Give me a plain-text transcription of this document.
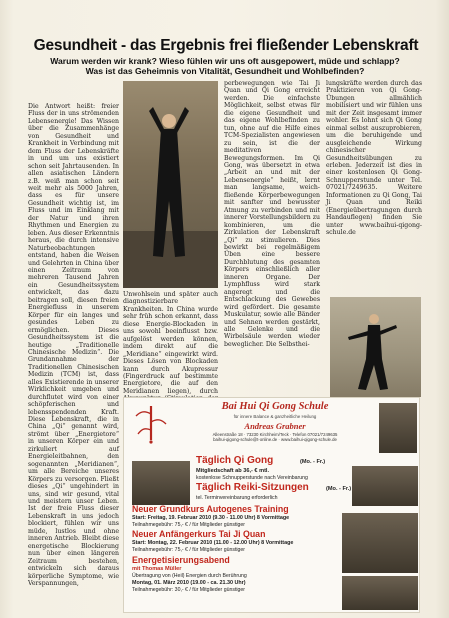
Gesundheit - das Ergebnis frei fließender Lebenskraft
Warum werden wir krank? Wieso fühlen wir uns oft ausgepowert, müde und schlapp?
Was ist das Geheimnis von Vitalität, Gesundheit und Wohlbefinden?
Die Antwort heißt: freier Fluss der in uns strömenden Lebensenergie! Das Wissen über die Zusammenhänge von Gesundheit und Krankheit in Verbindung mit dem Fluss der Lebenskräfte in und um uns existiert schon seit Jahrtausenden. In allen asiatischen Ländern z.B. weiß man schon seit weit mehr als 5000 Jahren, dass es für unsere Gesundheit wichtig ist, im Fluss und im Einklang mit der Natur und ihren Rhythmen und Energien zu leben. Aus dieser Erkenntnis heraus, die durch intensive Naturbeobachtungen entstand, haben die Weisen und Gelehrten in China über einen Zeitraum von mehreren Tausend Jahren ein Gesundheitssystem entwickelt, das dazu beitragen soll, diesen freien Energiefluss in unserem Körper für ein langes und gesundes Leben zu ermöglichen. Dieses Gesundheitssystem ist die heutige „Traditionelle Chinesische Medizin“. Die Grundannahme der Traditionellen Chinesischen Medizin (TCM) ist, dass alles Existierende in unserer Wirklichkeit umgeben und durchflutet wird von einer schöpferischen und lebensspendenden Kraft. Diese Lebenskraft, die in China „Qi“ genannt wird, strömt über „Energietore“ in unseren Körper ein und zirkuliert auf Energieleitbahnen, den sogenannten „Meridianen“, um alle Bereiche unseres Körpers zu versorgen. Fließt dieses „Qi“ ungehindert in uns, sind wir gesund, vital und meistern unser Leben. Ist der freie Fluss dieser Lebenskraft in uns jedoch blockiert, fühlen wir uns müde, lustlos und ohne inneren Antrieb. Bleibt diese energetische Blockierung nun über einen längeren Zeitraum bestehen, entwickeln sich daraus körperliche Symptome, wie Verspannungen,
Unwohlsein und später auch diagnostizierbare Krankheiten. In China wurde sehr früh schon erkannt, dass diese Energie-Blockaden in uns sowohl beeinflusst bzw. aufgelöst werden können, indem direkt auf die „Meridiane“ eingewirkt wird. Dieses Lösen von Blockaden kann durch Akupressur (Fingerdruck auf bestimmte Energietore, die auf den Meridianen liegen), durch
perbewegungen wie Tai Ji Quan und Qi Gong erreicht werden. Die einfachste Möglichkeit, selbst etwas für die eigene Gesundheit und das eigene Wohlbefinden zu tun, ohne auf die Hilfe eines TCM-Spezialisten angewiesen zu sein, ist die der meditativen Bewegungsformen. Im Qi Gong, was übersetzt in etwa „Arbeit an und mit der Lebensenergie“ heißt, lernt man langsame, weich-fließende Körperbewegungen mit sanfter und bewusster Atmung zu verbinden und mit innerer Vorstellungsbildern zu kombinieren, um die Zirkulation der Lebenskraft „Qi“ zu stimulieren. Dies bewirkt bei regelmäßigem Üben eine bessere Durchblutung des gesamten Körpers einschließlich aller inneren Organe. Der Lymphfluss wird stark angeregt und die Entschlackung des Gewebes wird gefördert. Die gesamte Muskulatur, sowie alle Bänder und Sehnen werden gestärkt, alle Gelenke und die Wirbelsäule werden wieder beweglicher. Die Selbsthei-
lungskräfte werden durch das Praktizieren von Qi Gong-Übungen allmählich mobilisiert und wir fühlen uns mit der Zeit insgesamt immer wohler. Es lohnt sich Qi Gong einmal selbst auszuprobieren, um die beruhigende und ausgleichende Wirkung chinesischer Gesundheitsübungen zu erleben. Jederzeit ist dies in einer kostenlosen Qi Gong-Schnupperstunde unter Tel. 07021/7249635. Weitere Informationen zu Qi Gong, Tai Ji Quan und Reiki (Energieübertragungen durch Handauflegen) finden Sie unter www.baihui-qigong-schule.de
Bai Hui Qi Gong Schule
für innere Balance & ganzheitliche Heilung
Andreas Grabner
Alleenstraße 18 · 73230 Kirchheim/Teck · Telefon 07021/7249635
baihui-qigong-schule@t-online.de · www.baihui-qigong-schule.de
Täglich Qi Gong	(Mo. - Fr.)
Mitgliedschaft ab 36,- € mtl.
kostenlose Schnupperstunde nach Vereinbarung
Täglich Reiki-Sitzungen	(Mo. - Fr.)
tel. Terminvereinbarung erforderlich
Neuer Grundkurs Autogenes Training
Start: Freitag, 19. Februar 2010 (9.30 - 11.00 Uhr) 8 Vormittage
Teilnahmegebühr: 75,- € / für Mitglieder günstiger
Neuer Anfängerkurs Tai Ji Quan
Start: Montag, 22. Februar 2010 (11.00 - 12.00 Uhr) 8 Vormittage
Teilnahmegebühr: 75,- € / für Mitglieder günstiger
Energetisierungsabend
mit Thomas Müller
Übertragung von (Heil) Energien durch Berührung
Montag, 01. März 2010 (19.00 - ca. 21.30 Uhr)
Teilnahmegebühr: 30,- € / für Mitglieder günstiger
